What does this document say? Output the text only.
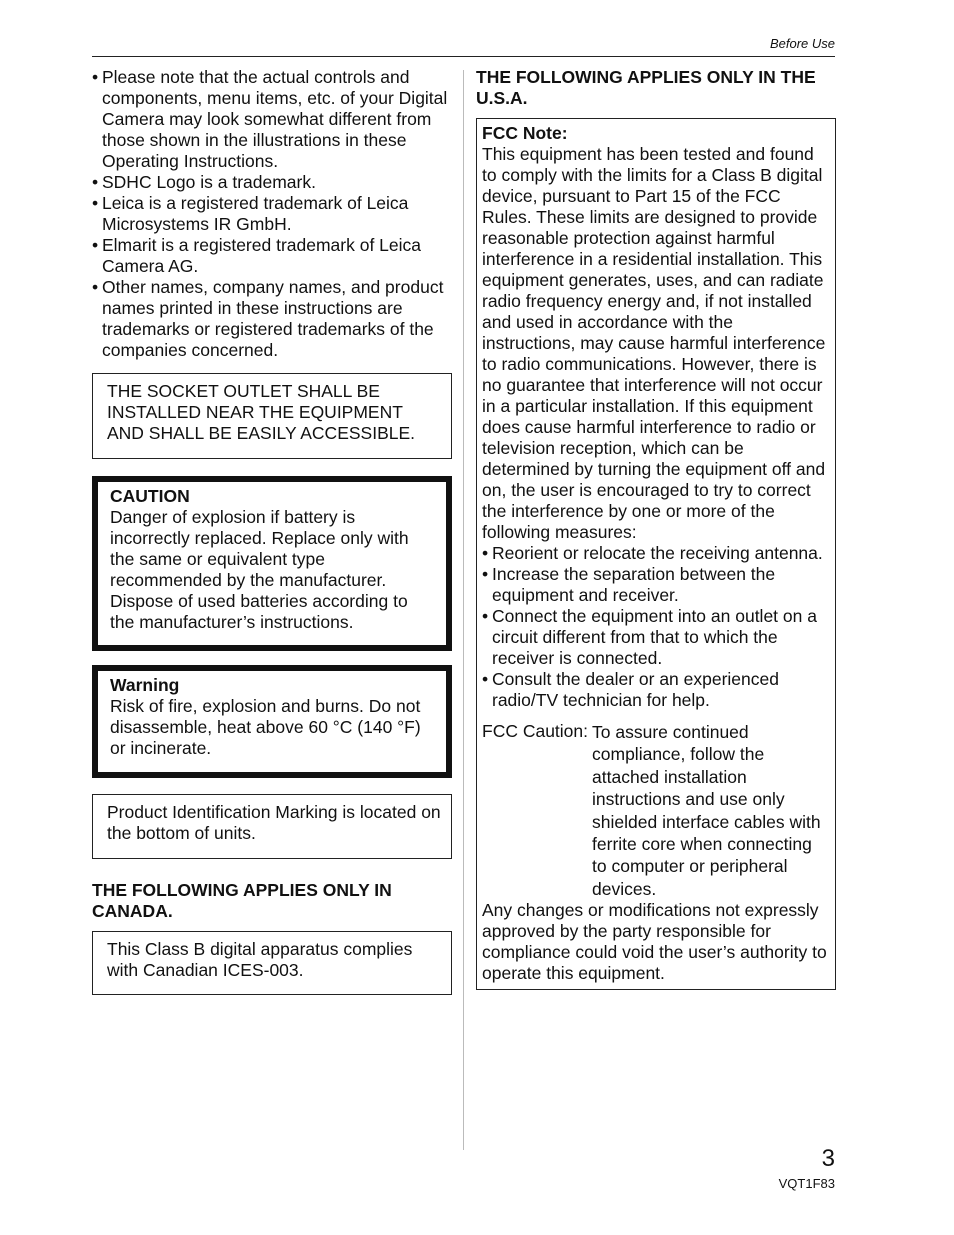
Before Use
• Please note that the actual controls and components, menu items, etc. of your Digital Camera may look somewhat different from those shown in the illustrations in these Operating Instructions.
• SDHC Logo is a trademark.
• Leica is a registered trademark of Leica Microsystems IR GmbH.
• Elmarit is a registered trademark of Leica Camera AG.
• Other names, company names, and product names printed in these instructions are trademarks or registered trademarks of the companies concerned.
THE SOCKET OUTLET SHALL BE INSTALLED NEAR THE EQUIPMENT AND SHALL BE EASILY ACCESSIBLE.
CAUTION
Danger of explosion if battery is incorrectly replaced. Replace only with the same or equivalent type recommended by the manufacturer. Dispose of used batteries according to the manufacturer’s instructions.
Warning
Risk of fire, explosion and burns. Do not disassemble, heat above 60 °C (140 °F) or incinerate.
Product Identification Marking is located on the bottom of units.
THE FOLLOWING APPLIES ONLY IN CANADA.
This Class B digital apparatus complies with Canadian ICES-003.
THE FOLLOWING APPLIES ONLY IN THE U.S.A.
FCC Note:
This equipment has been tested and found to comply with the limits for a Class B digital device, pursuant to Part 15 of the FCC Rules. These limits are designed to provide reasonable protection against harmful interference in a residential installation. This equipment generates, uses, and can radiate radio frequency energy and, if not installed and used in accordance with the instructions, may cause harmful interference to radio communications. However, there is no guarantee that interference will not occur in a particular installation. If this equipment does cause harmful interference to radio or television reception, which can be determined by turning the equipment off and on, the user is encouraged to try to correct the interference by one or more of the following measures:
• Reorient or relocate the receiving antenna.
• Increase the separation between the equipment and receiver.
• Connect the equipment into an outlet on a circuit different from that to which the receiver is connected.
• Consult the dealer or an experienced radio/TV technician for help.
FCC Caution: To assure continued compliance, follow the attached installation instructions and use only shielded interface cables with ferrite core when connecting to computer or peripheral devices.
Any changes or modifications not expressly approved by the party responsible for compliance could void the user’s authority to operate this equipment.
3
VQT1F83
